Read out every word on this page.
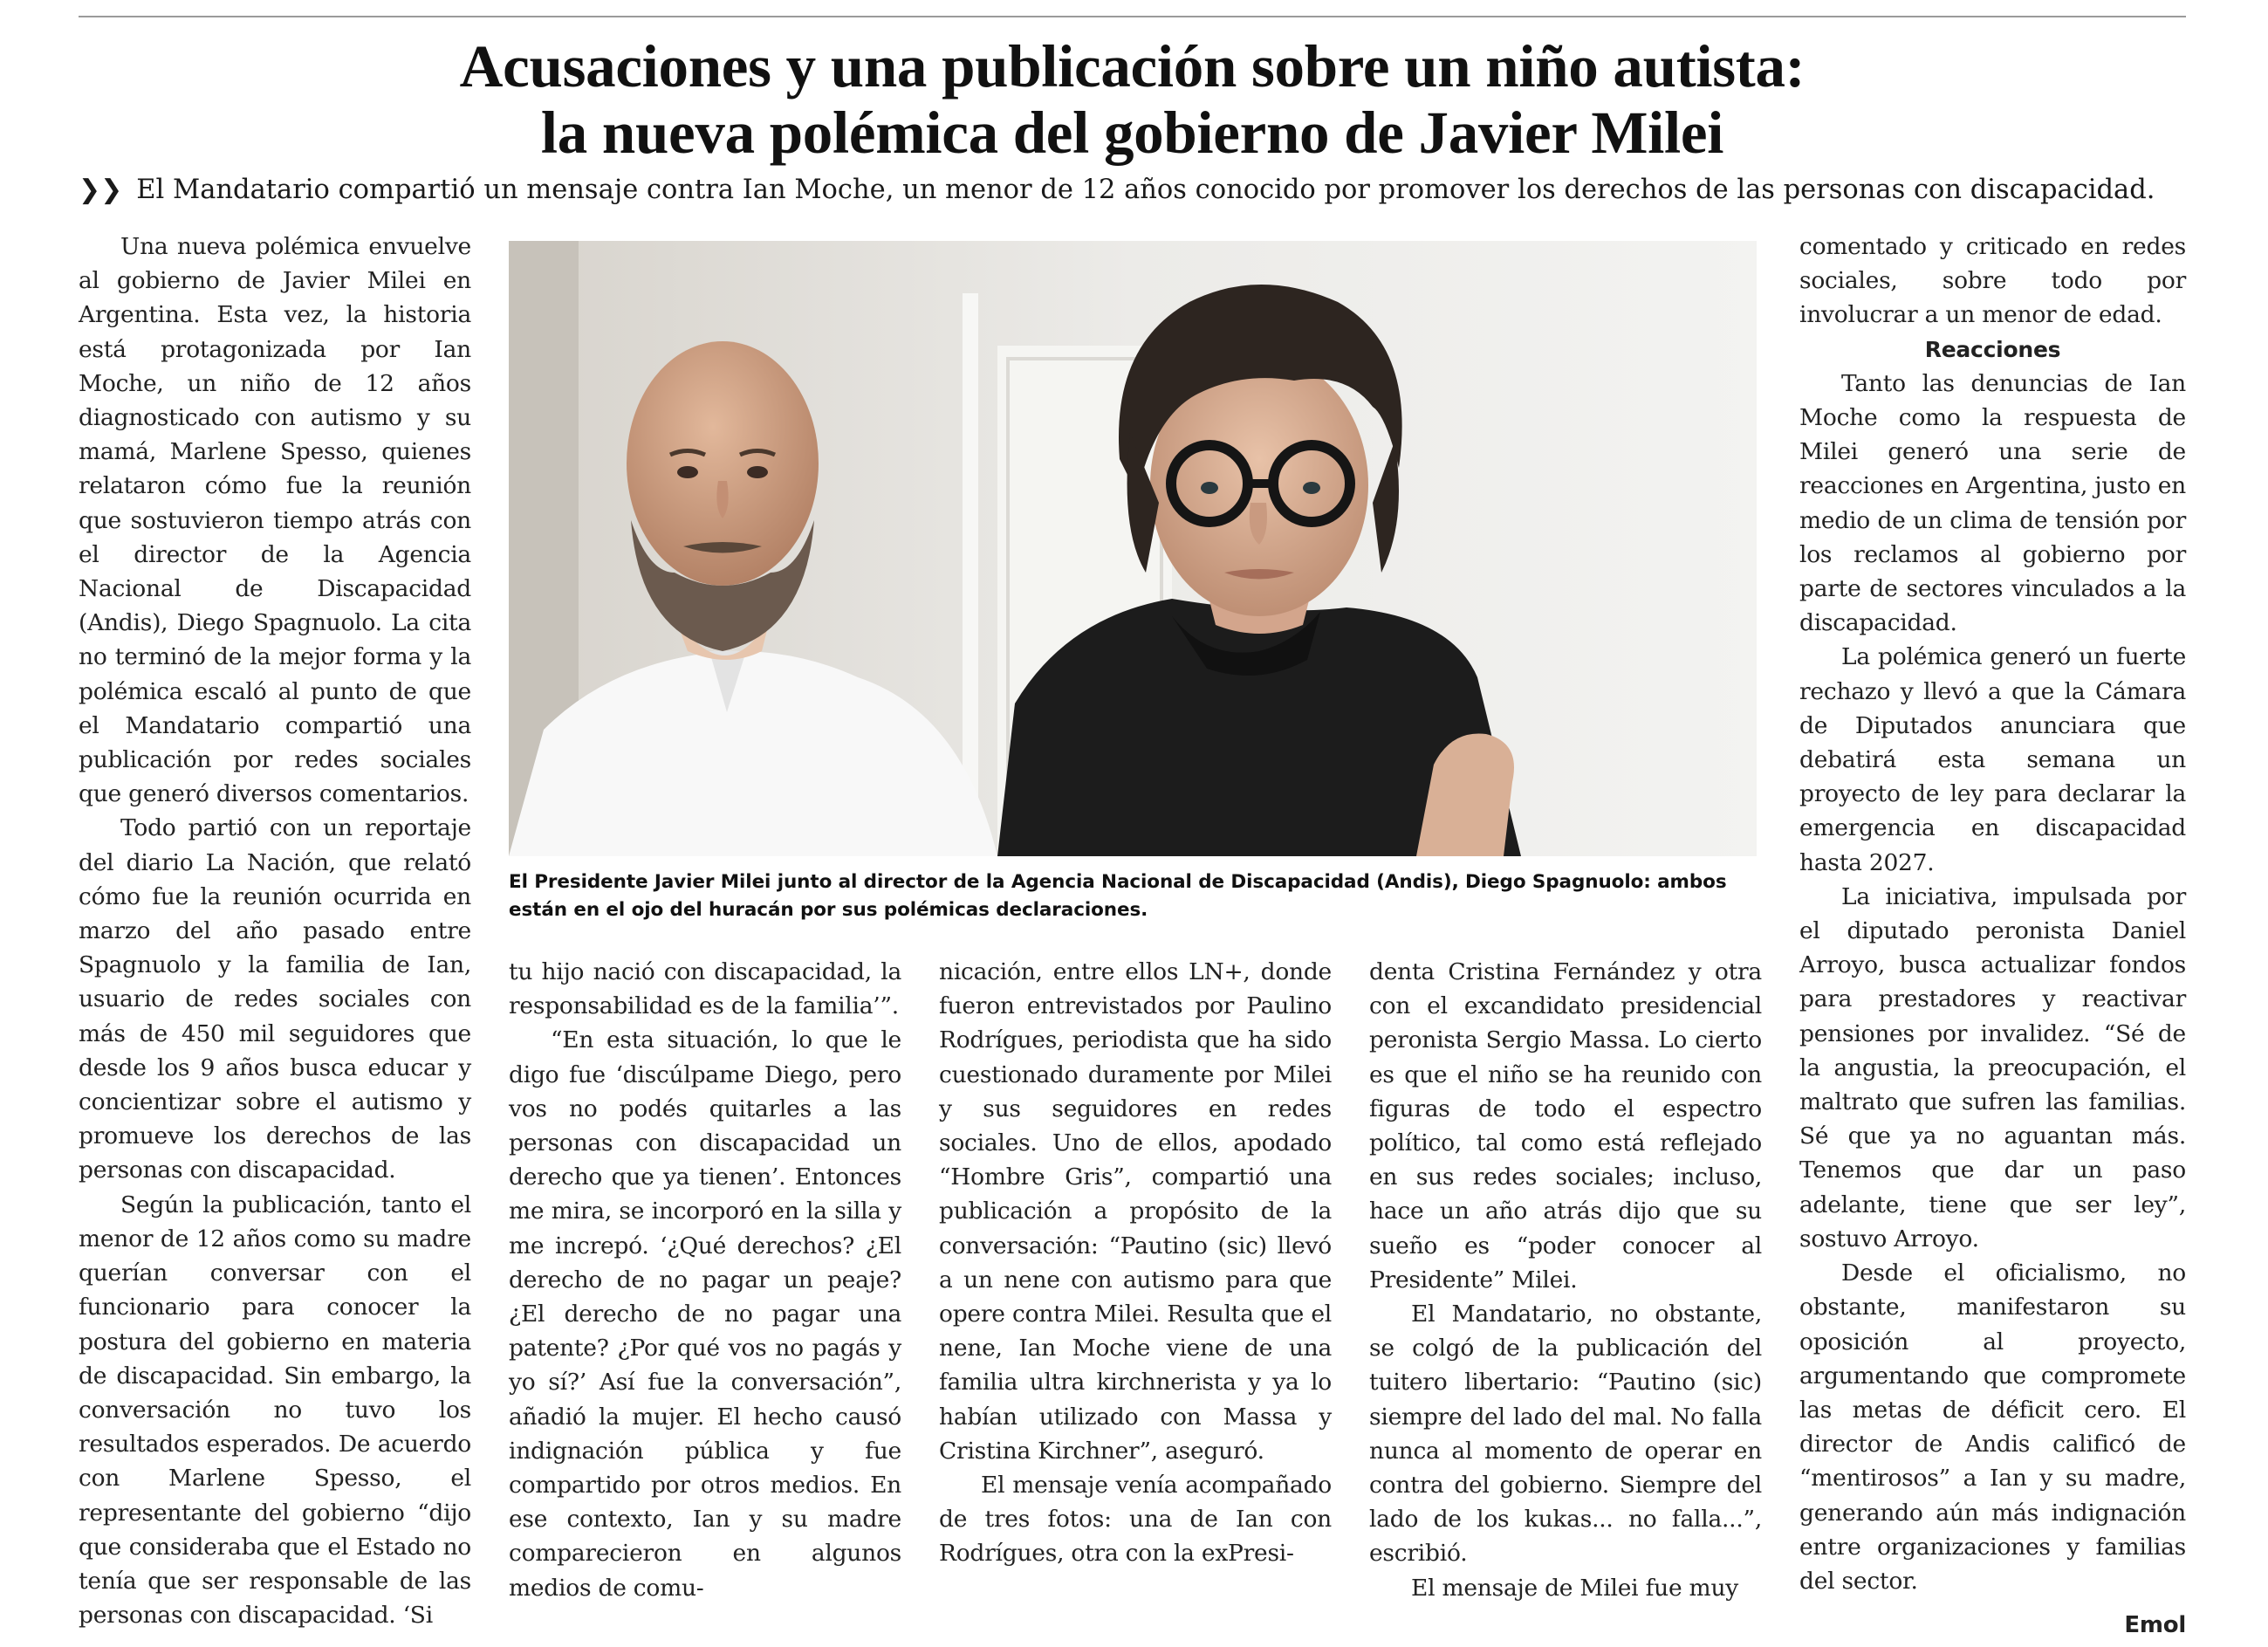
Acusaciones y una publicación sobre un niño autista:
la nueva polémica del gobierno de Javier Milei

❯❯ El Mandatario compartió un mensaje contra Ian Moche, un menor de 12 años conocido por promover los derechos de las personas con discapacidad.

Una nueva polémica envuelve al gobierno de Javier Milei en Argentina. Esta vez, la historia está protagonizada por Ian Moche, un niño de 12 años diagnosticado con autismo y su mamá, Marlene Spesso, quienes relataron cómo fue la reunión que sostuvieron tiempo atrás con el director de la Agencia Nacional de Discapacidad (Andis), Diego Spagnuolo. La cita no terminó de la mejor forma y la polémica escaló al punto de que el Mandatario compartió una publicación por redes sociales que generó diversos comentarios.

Todo partió con un reportaje del diario La Nación, que relató cómo fue la reunión ocurrida en marzo del año pasado entre Spagnuolo y la familia de Ian, usuario de redes sociales con más de 450 mil seguidores que desde los 9 años busca educar y concientizar sobre el autismo y promueve los derechos de las personas con discapacidad.

Según la publicación, tanto el menor de 12 años como su madre querían conversar con el funcionario para conocer la postura del gobierno en materia de discapacidad. Sin embargo, la conversación no tuvo los resultados esperados. De acuerdo con Marlene Spesso, el representante del gobierno “dijo que consideraba que el Estado no tenía que ser responsable de las personas con discapacidad. ‘Si

El Presidente Javier Milei junto al director de la Agencia Nacional de Discapacidad (Andis), Diego Spagnuolo: ambos están en el ojo del huracán por sus polémicas declaraciones.

tu hijo nació con discapacidad, la responsabilidad es de la familia’”.

“En esta situación, lo que le digo fue ‘discúlpame Diego, pero vos no podés quitarles a las personas con discapacidad un derecho que ya tienen’. Entonces me mira, se incorporó en la silla y me increpó. ‘¿Qué derechos? ¿El derecho de no pagar un peaje? ¿El derecho de no pagar una patente? ¿Por qué vos no pagás y yo sí?’ Así fue la conversación”, añadió la mujer. El hecho causó indignación pública y fue compartido por otros medios. En ese contexto, Ian y su madre comparecieron en algunos medios de comu-

nicación, entre ellos LN+, donde fueron entrevistados por Paulino Rodrígues, periodista que ha sido cuestionado duramente por Milei y sus seguidores en redes sociales. Uno de ellos, apodado “Hombre Gris”, compartió una publicación a propósito de la conversación: “Pautino (sic) llevó a un nene con autismo para que opere contra Milei. Resulta que el nene, Ian Moche viene de una familia ultra kirchnerista y ya lo habían utilizado con Massa y Cristina Kirchner”, aseguró.

El mensaje venía acompañado de tres fotos: una de Ian con Rodrígues, otra con la exPresi-

denta Cristina Fernández y otra con el excandidato presidencial peronista Sergio Massa. Lo cierto es que el niño se ha reunido con figuras de todo el espectro político, tal como está reflejado en sus redes sociales; incluso, hace un año atrás dijo que su sueño es “poder conocer al Presidente” Milei.

El Mandatario, no obstante, se colgó de la publicación del tuitero libertario: “Pautino (sic) siempre del lado del mal. No falla nunca al momento de operar en contra del gobierno. Siempre del lado de los kukas... no falla...”, escribió.

El mensaje de Milei fue muy

comentado y criticado en redes sociales, sobre todo por involucrar a un menor de edad.

Reacciones

Tanto las denuncias de Ian Moche como la respuesta de Milei generó una serie de reacciones en Argentina, justo en medio de un clima de tensión por los reclamos al gobierno por parte de sectores vinculados a la discapacidad.

La polémica generó un fuerte rechazo y llevó a que la Cámara de Diputados anunciara que debatirá esta semana un proyecto de ley para declarar la emergencia en discapacidad hasta 2027.

La iniciativa, impulsada por el diputado peronista Daniel Arroyo, busca actualizar fondos para prestadores y reactivar pensiones por invalidez. “Sé de la angustia, la preocupación, el maltrato que sufren las familias. Sé que ya no aguantan más. Tenemos que dar un paso adelante, tiene que ser ley”, sostuvo Arroyo.

Desde el oficialismo, no obstante, manifestaron su oposición al proyecto, argumentando que compromete las metas de déficit cero. El director de Andis calificó de “mentirosos” a Ian y su madre, generando aún más indignación entre organizaciones y familias del sector.

Emol
